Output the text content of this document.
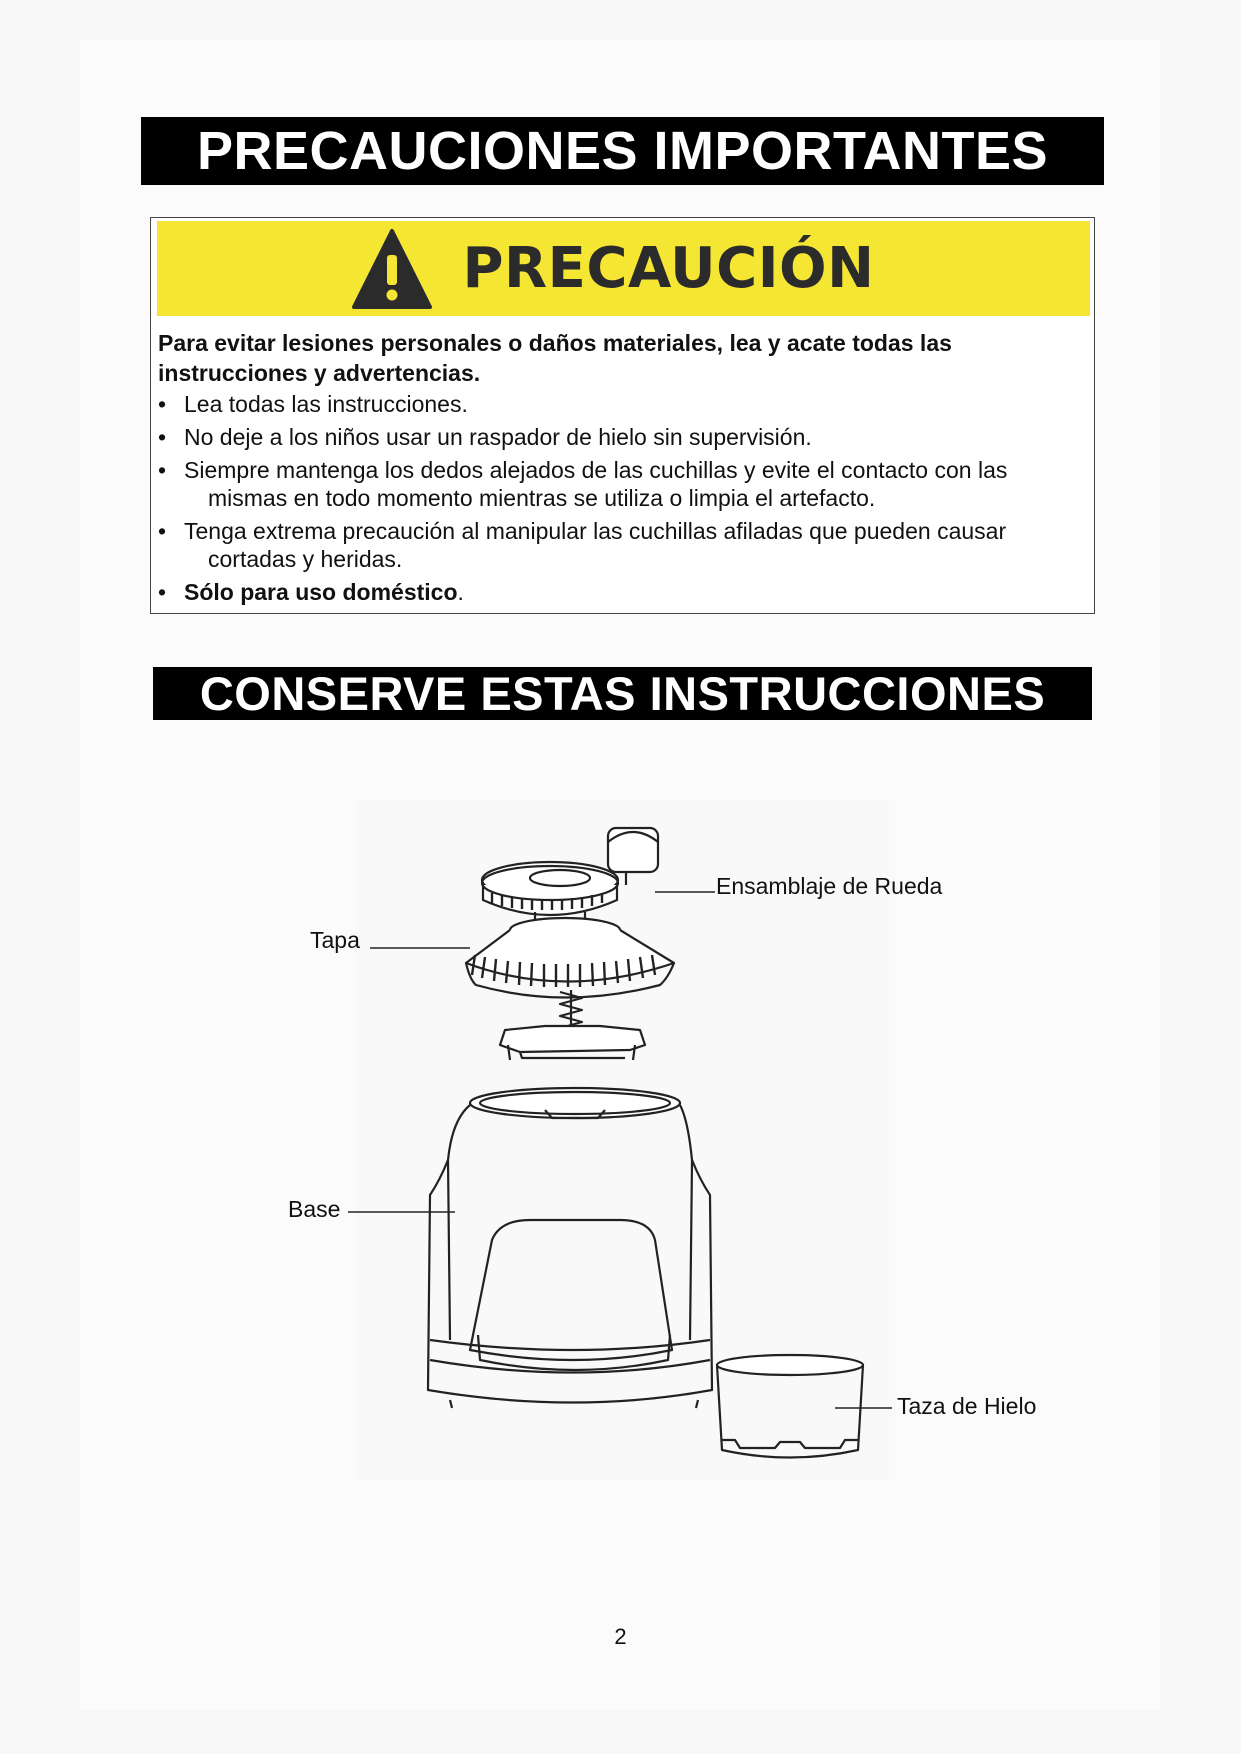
PRECAUCIONES IMPORTANTES
PRECAUCIÓN
Para evitar lesiones personales o daños materiales, lea y acate todas las instrucciones y advertencias.
• Lea todas las instrucciones.
• No deje a los niños usar un raspador de hielo sin supervisión.
• Siempre mantenga los dedos alejados de las cuchillas y evite el contacto con las mismas en todo momento mientras se utiliza o limpia el artefacto.
• Tenga extrema precaución al manipular las cuchillas afiladas que pueden causar cortadas y heridas.
• Sólo para uso doméstico.
CONSERVE ESTAS INSTRUCCIONES
Ensamblaje de Rueda
Tapa
Base
Taza de Hielo
2
